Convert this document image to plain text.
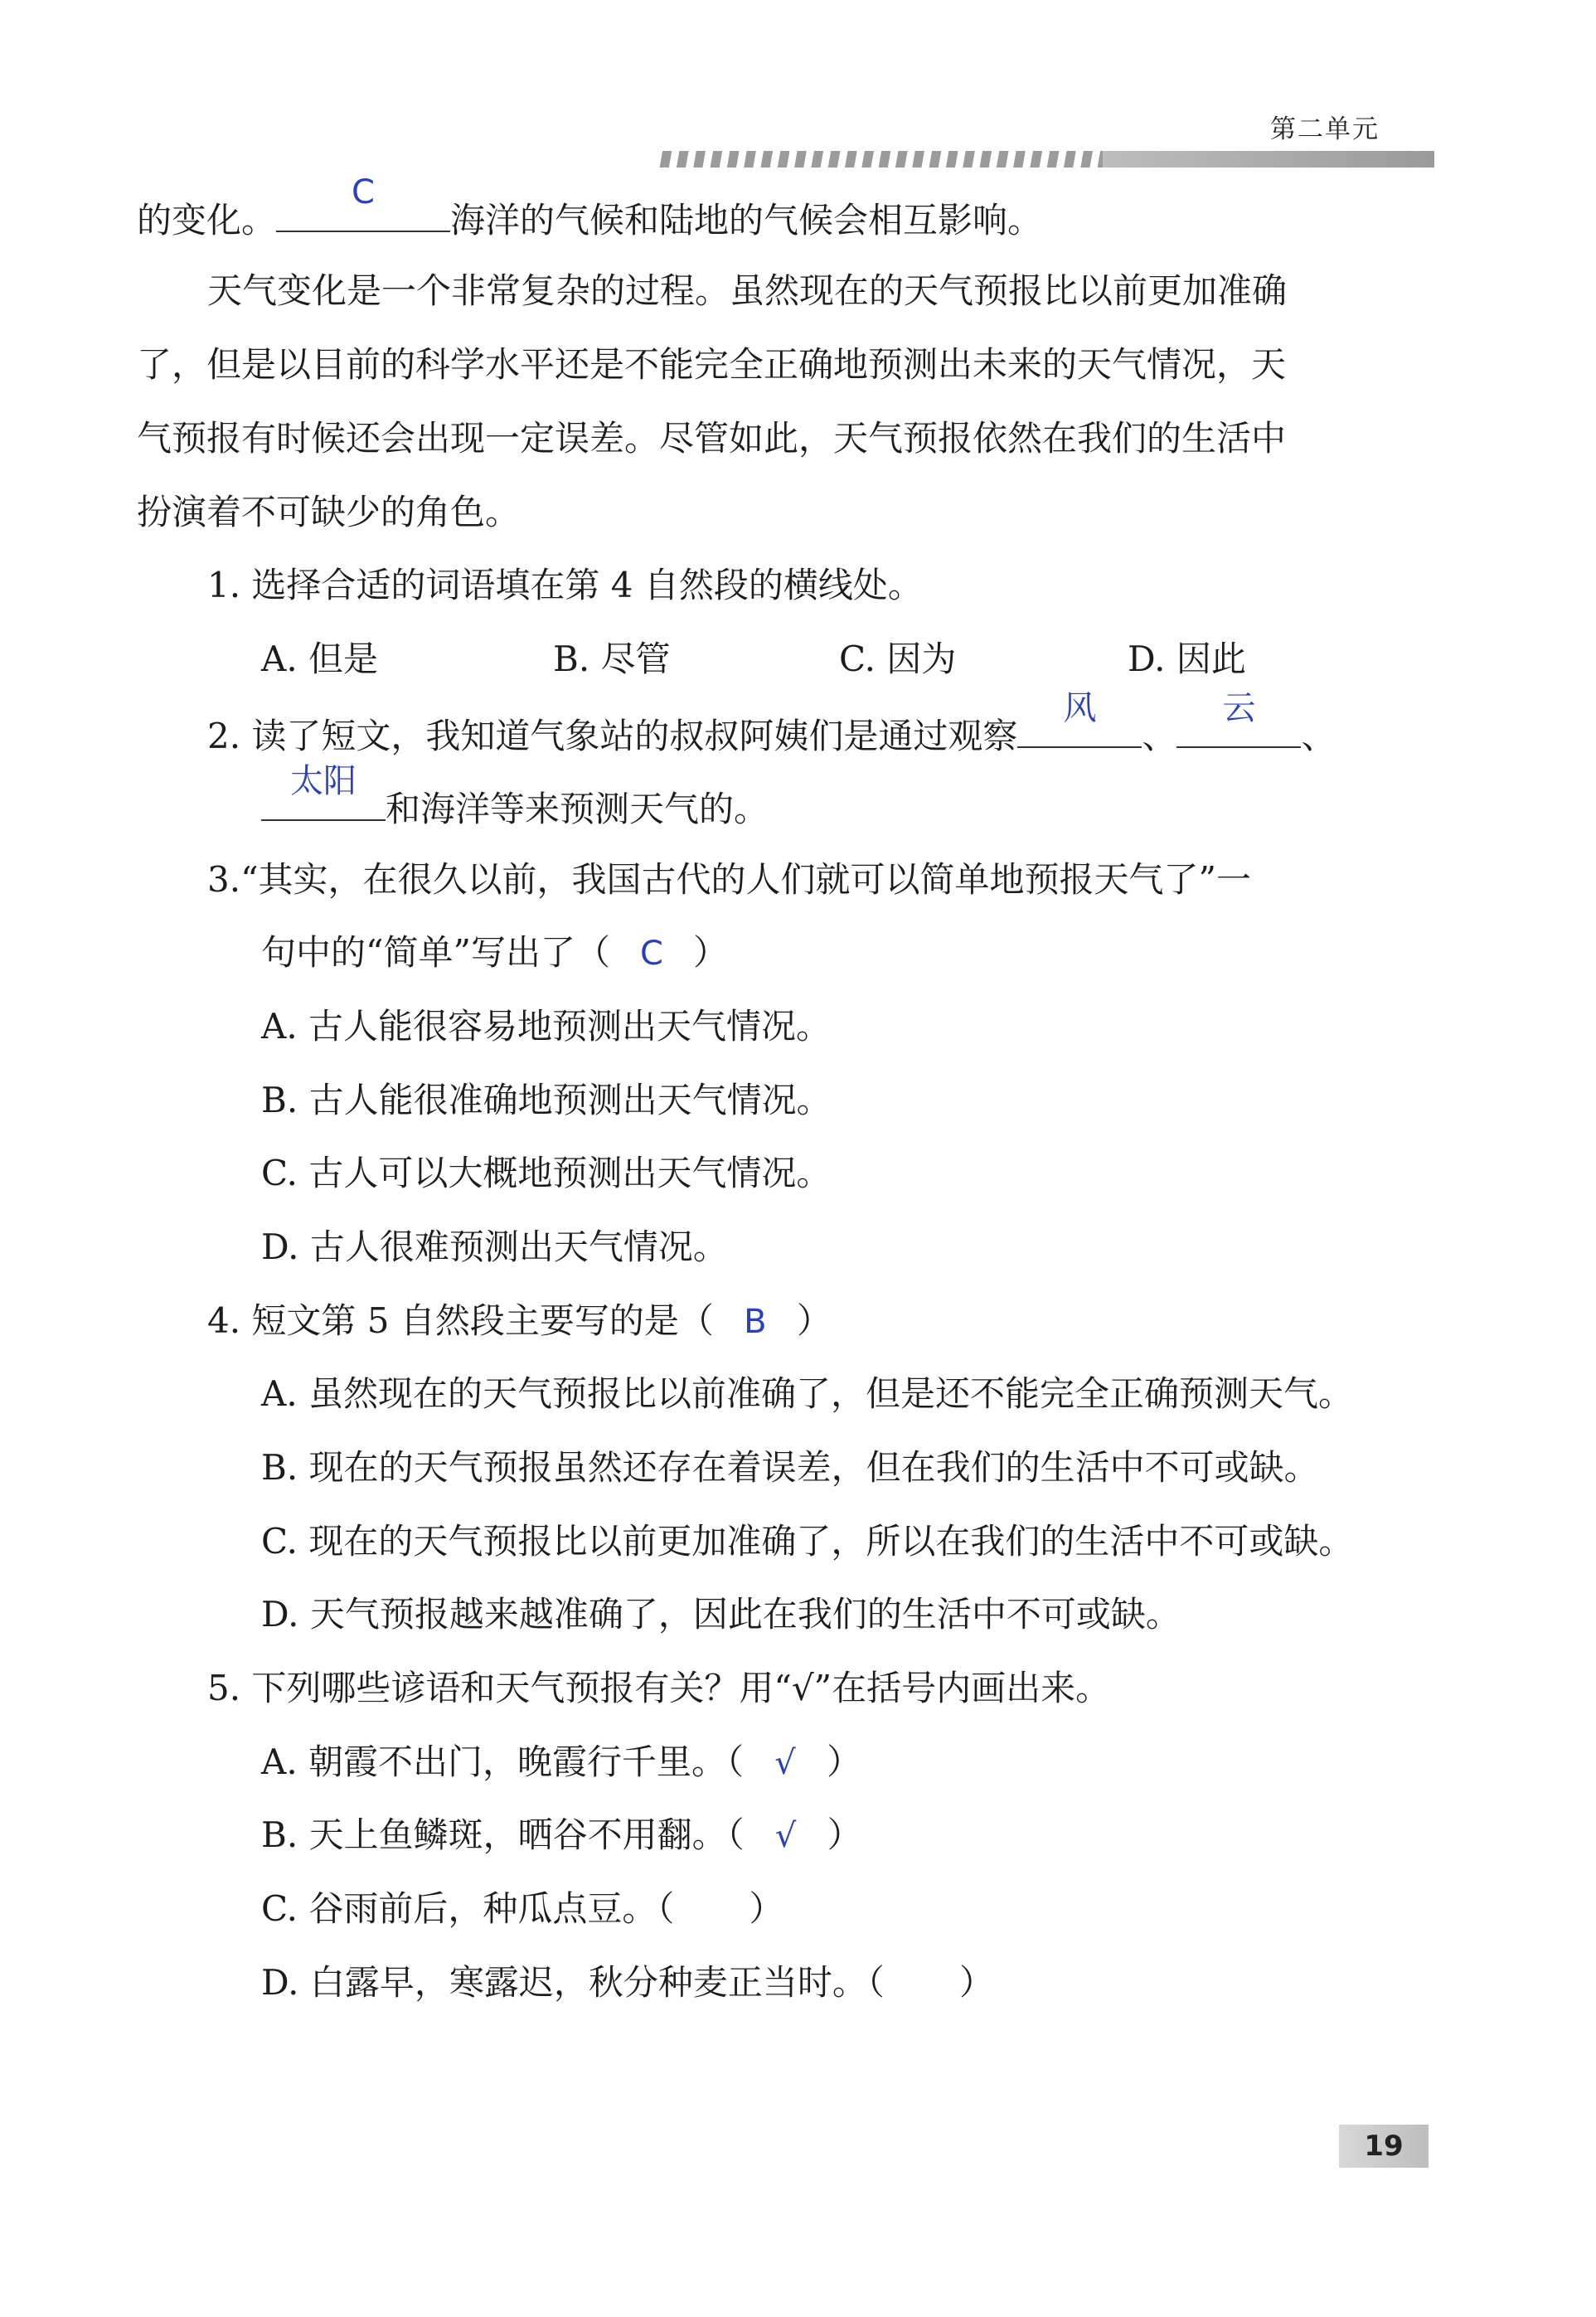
第二单元
的变化。
C
海洋的气候和陆地的气候会相互影响。
天气变化是一个非常复杂的过程。虽然现在的天气预报比以前更加准确
了，但是以目前的科学水平还是不能完全正确地预测出未来的天气情况，天
气预报有时候还会出现一定误差。尽管如此，天气预报依然在我们的生活中
扮演着不可缺少的角色。
1. 选择合适的词语填在第 4 自然段的横线处。
A. 但是	B. 尽管	C. 因为	D. 因此
2. 读了短文，我知道气象站的叔叔阿姨们是通过观察
风
、
云
、
太阳
和海洋等来预测天气的。
3.“其实，在很久以前，我国古代的人们就可以简单地预报天气了”一
句中的“简单”写出了（ C ）
A. 古人能很容易地预测出天气情况。
B. 古人能很准确地预测出天气情况。
C. 古人可以大概地预测出天气情况。
D. 古人很难预测出天气情况。
4. 短文第 5 自然段主要写的是（ B ）
A. 虽然现在的天气预报比以前准确了，但是还不能完全正确预测天气。
B. 现在的天气预报虽然还存在着误差，但在我们的生活中不可或缺。
C. 现在的天气预报比以前更加准确了，所以在我们的生活中不可或缺。
D. 天气预报越来越准确了，因此在我们的生活中不可或缺。
5. 下列哪些谚语和天气预报有关？用“√”在括号内画出来。
A. 朝霞不出门，晚霞行千里。（ √ ）
B. 天上鱼鳞斑，晒谷不用翻。（ √ ）
C. 谷雨前后，种瓜点豆。（ ）
D. 白露早，寒露迟，秋分种麦正当时。（ ）
19
